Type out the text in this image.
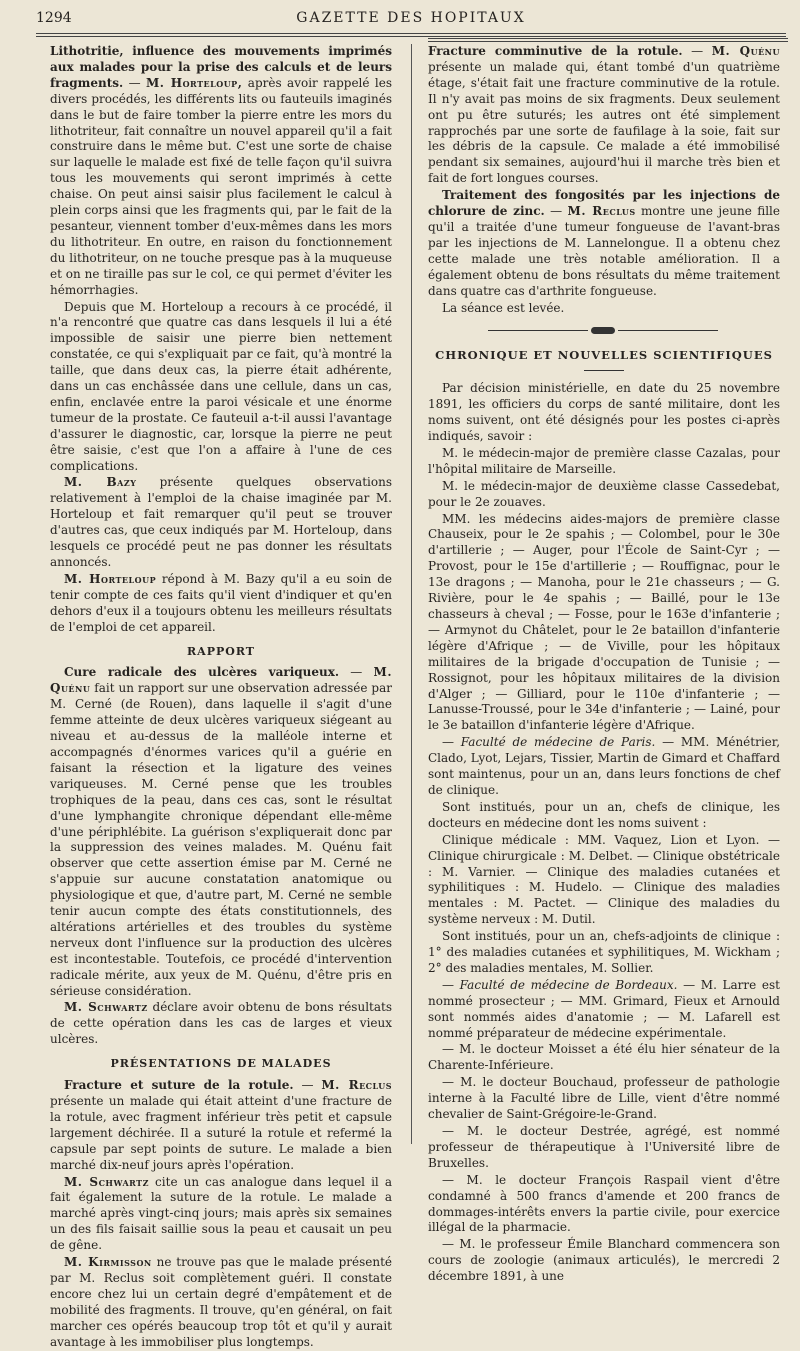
1294	GAZETTE DES HOPITAUX

Lithotritie, influence des mouvements imprimés aux malades pour la prise des calculs et de leurs fragments. — M. Horteloup, après avoir rappelé les divers procédés, les différents lits ou fauteuils imaginés dans le but de faire tomber la pierre entre les mors du lithotriteur, fait connaître un nouvel appareil qu'il a fait construire dans le même but. C'est une sorte de chaise sur laquelle le malade est fixé de telle façon qu'il suivra tous les mouvements qui seront imprimés à cette chaise. On peut ainsi saisir plus facilement le calcul à plein corps ainsi que les fragments qui, par le fait de la pesanteur, viennent tomber d'eux-mêmes dans les mors du lithotriteur. En outre, en raison du fonctionnement du lithotriteur, on ne touche presque pas à la muqueuse et on ne tiraille pas sur le col, ce qui permet d'éviter les hémorrhagies.

Depuis que M. Horteloup a recours à ce procédé, il n'a rencontré que quatre cas dans lesquels il lui a été impossible de saisir une pierre bien nettement constatée, ce qui s'expliquait par ce fait, qu'à montré la taille, que dans deux cas, la pierre était adhérente, dans un cas enchâssée dans une cellule, dans un cas, enfin, enclavée entre la paroi vésicale et une énorme tumeur de la prostate. Ce fauteuil a-t-il aussi l'avantage d'assurer le diagnostic, car, lorsque la pierre ne peut être saisie, c'est que l'on a affaire à l'une de ces complications.

M. Bazy présente quelques observations relativement à l'emploi de la chaise imaginée par M. Horteloup et fait remarquer qu'il peut se trouver d'autres cas, que ceux indiqués par M. Horteloup, dans lesquels ce procédé peut ne pas donner les résultats annoncés.

M. Horteloup répond à M. Bazy qu'il a eu soin de tenir compte de ces faits qu'il vient d'indiquer et qu'en dehors d'eux il a toujours obtenu les meilleurs résultats de l'emploi de cet appareil.

RAPPORT

Cure radicale des ulcères variqueux. — M. Quénu fait un rapport sur une observation adressée par M. Cerné (de Rouen), dans laquelle il s'agit d'une femme atteinte de deux ulcères variqueux siégeant au niveau et au-dessus de la malléole interne et accompagnés d'énormes varices qu'il a guérie en faisant la résection et la ligature des veines variqueuses. M. Cerné pense que les troubles trophiques de la peau, dans ces cas, sont le résultat d'une lymphangite chronique dépendant elle-même d'une périphlébite. La guérison s'expliquerait donc par la suppression des veines malades. M. Quénu fait observer que cette assertion émise par M. Cerné ne s'appuie sur aucune constatation anatomique ou physiologique et que, d'autre part, M. Cerné ne semble tenir aucun compte des états constitutionnels, des altérations artérielles et des troubles du système nerveux dont l'influence sur la production des ulcères est incontestable. Toutefois, ce procédé d'intervention radicale mérite, aux yeux de M. Quénu, d'être pris en sérieuse considération.

M. Schwartz déclare avoir obtenu de bons résultats de cette opération dans les cas de larges et vieux ulcères.

PRÉSENTATIONS DE MALADES

Fracture et suture de la rotule. — M. Reclus présente un malade qui était atteint d'une fracture de la rotule, avec fragment inférieur très petit et capsule largement déchirée. Il a suturé la rotule et refermé la capsule par sept points de suture. Le malade a bien marché dix-neuf jours après l'opération.

M. Schwartz cite un cas analogue dans lequel il a fait également la suture de la rotule. Le malade a marché après vingt-cinq jours; mais après six semaines un des fils faisait saillie sous la peau et causait un peu de gêne.

M. Kirmisson ne trouve pas que le malade présenté par M. Reclus soit complètement guéri. Il constate encore chez lui un certain degré d'empâtement et de mobilité des fragments. Il trouve, qu'en général, on fait marcher ces opérés beaucoup trop tôt et qu'il y aurait avantage à les immobiliser plus longtemps.

Fracture comminutive de la rotule. — M. Quénu présente un malade qui, étant tombé d'un quatrième étage, s'était fait une fracture comminutive de la rotule. Il n'y avait pas moins de six fragments. Deux seulement ont pu être suturés; les autres ont été simplement rapprochés par une sorte de faufilage à la soie, fait sur les débris de la capsule. Ce malade a été immobilisé pendant six semaines, aujourd'hui il marche très bien et fait de fort longues courses.

Traitement des fongosités par les injections de chlorure de zinc. — M. Reclus montre une jeune fille qu'il a traitée d'une tumeur fongueuse de l'avant-bras par les injections de M. Lannelongue. Il a obtenu chez cette malade une très notable amélioration. Il a également obtenu de bons résultats du même traitement dans quatre cas d'arthrite fongueuse.

La séance est levée.

CHRONIQUE ET NOUVELLES SCIENTIFIQUES

Par décision ministérielle, en date du 25 novembre 1891, les officiers du corps de santé militaire, dont les noms suivent, ont été désignés pour les postes ci-après indiqués, savoir :

M. le médecin-major de première classe Cazalas, pour l'hôpital militaire de Marseille.

M. le médecin-major de deuxième classe Cassedebat, pour le 2e zouaves.

MM. les médecins aides-majors de première classe Chauseix, pour le 2e spahis ; — Colombel, pour le 30e d'artillerie ; — Auger, pour l'École de Saint-Cyr ; — Provost, pour le 15e d'artillerie ; — Rouffignac, pour le 13e dragons ; — Manoha, pour le 21e chasseurs ; — G. Rivière, pour le 4e spahis ; — Baillé, pour le 13e chasseurs à cheval ; — Fosse, pour le 163e d'infanterie ; — Armynot du Châtelet, pour le 2e bataillon d'infanterie légère d'Afrique ; — de Viville, pour les hôpitaux militaires de la brigade d'occupation de Tunisie ; — Rossignot, pour les hôpitaux militaires de la division d'Alger ; — Gilliard, pour le 110e d'infanterie ; — Lanusse-Troussé, pour le 34e d'infanterie ; — Lainé, pour le 3e bataillon d'infanterie légère d'Afrique.

— Faculté de médecine de Paris. — MM. Ménétrier, Clado, Lyot, Lejars, Tissier, Martin de Gimard et Chaffard sont maintenus, pour un an, dans leurs fonctions de chef de clinique.

Sont institués, pour un an, chefs de clinique, les docteurs en médecine dont les noms suivent :

Clinique médicale : MM. Vaquez, Lion et Lyon. — Clinique chirurgicale : M. Delbet. — Clinique obstétricale : M. Varnier. — Clinique des maladies cutanées et syphilitiques : M. Hudelo. — Clinique des maladies mentales : M. Pactet. — Clinique des maladies du système nerveux : M. Dutil.

Sont institués, pour un an, chefs-adjoints de clinique : 1° des maladies cutanées et syphilitiques, M. Wickham ; 2° des maladies mentales, M. Sollier.

— Faculté de médecine de Bordeaux. — M. Larre est nommé prosecteur ; — MM. Grimard, Fieux et Arnould sont nommés aides d'anatomie ; — M. Lafarell est nommé préparateur de médecine expérimentale.

— M. le docteur Moisset a été élu hier sénateur de la Charente-Inférieure.

— M. le docteur Bouchaud, professeur de pathologie interne à la Faculté libre de Lille, vient d'être nommé chevalier de Saint-Grégoire-le-Grand.

— M. le docteur Destrée, agrégé, est nommé professeur de thérapeutique à l'Université libre de Bruxelles.

— M. le docteur François Raspail vient d'être condamné à 500 francs d'amende et 200 francs de dommages-intérêts envers la partie civile, pour exercice illégal de la pharmacie.

— M. le professeur Émile Blanchard commencera son cours de zoologie (animaux articulés), le mercredi 2 décembre 1891, à une
